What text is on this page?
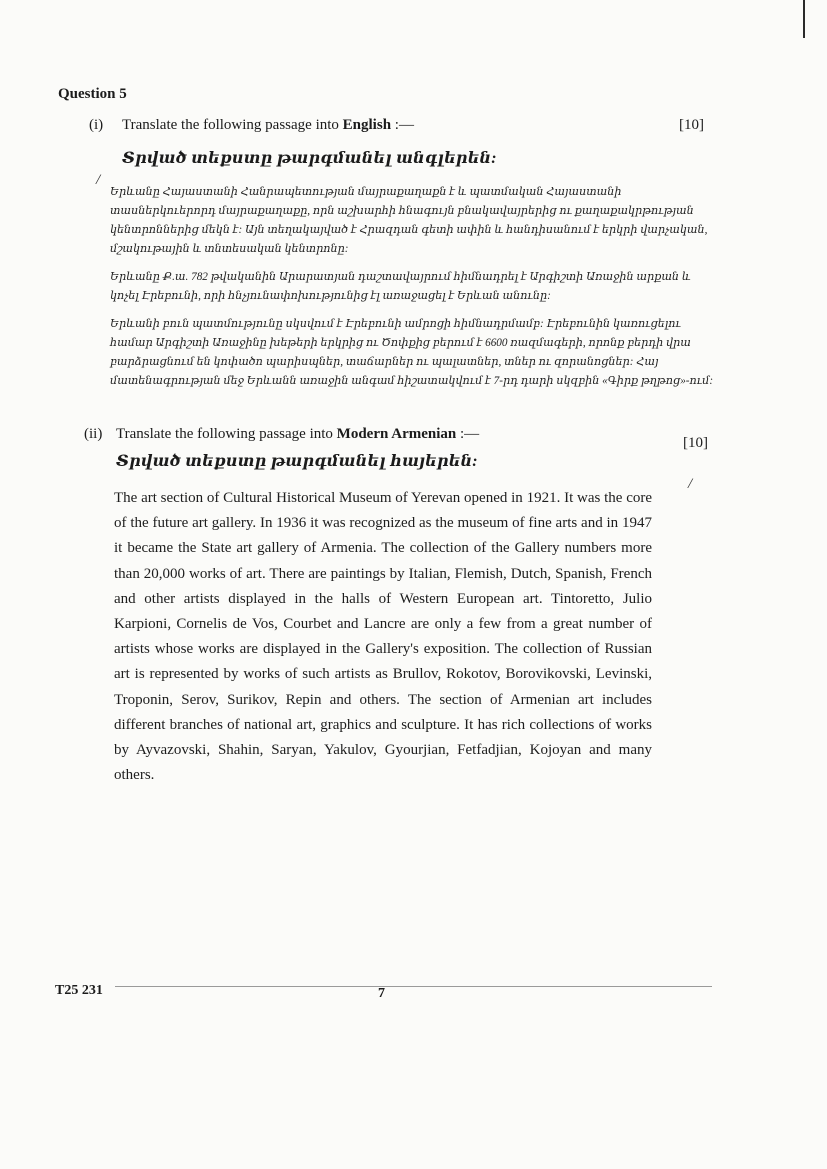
Question 5
(i) Translate the following passage into English :—	[10]
Տրված տեքստը թարգմանել անգլերեն:
/

Երևանը Հայաստանի Հանրապետության մայրաքաղաքն է և պատմական Հայաստանի տասներկուերորդ մայրաքաղաքը, որն աշխարհի հնագույն բնակավայրերից ու քաղաքակրթության կենտրոններից մեկն է: Այն տեղակայված է Հրազդան գետի ափին և հանդիսանում է երկրի վարչական, մշակութային և տնտեսական կենտրոնը:

Երևանը Ք.ա. 782 թվականին Արարատյան դաշտավայրում հիմնադրել է Արգիշտի Առաջին արքան և կոչել Էրեբունի, որի հնչյունափոխությունից էլ առաջացել է Երևան անունը:

Երևանի բուն պատմությունը սկսվում է Էրեբունի ամրոցի հիմնադրմամբ: Էրեբունին կառուցելու համար Արգիշտի Առաջինը խեթերի երկրից ու Ծոփքից բերում է 6600 ռազմագերի, որոնք բերդի վրա բարձրացնում են կոփածո պարիսպներ, տաճարներ ու պալատներ, տներ ու զորանոցներ: Հայ մատենագրության մեջ Երևանն առաջին անգամ հիշատակվում է 7-րդ դարի սկզբին «Գիրք թղթոց»-ում:

(ii) Translate the following passage into Modern Armenian :—
[10]
Տրված տեքստը թարգմանել հայերեն:
/
The art section of Cultural Historical Museum of Yerevan opened in 1921. It was the core of the future art gallery. In 1936 it was recognized as the museum of fine arts and in 1947 it became the State art gallery of Armenia. The collection of the Gallery numbers more than 20,000 works of art. There are paintings by Italian, Flemish, Dutch, Spanish, French and other artists displayed in the halls of Western European art. Tintoretto, Julio Karpioni, Cornelis de Vos, Courbet and Lancre are only a few from a great number of artists whose works are displayed in the Gallery's exposition. The collection of Russian art is represented by works of such artists as Brullov, Rokotov, Borovikovski, Levinski, Troponin, Serov, Surikov, Repin and others. The section of Armenian art includes different branches of national art, graphics and sculpture. It has rich collections of works by Ayvazovski, Shahin, Saryan, Yakulov, Gyourjian, Fetfadjian, Kojoyan and many others.
T25 231	7
